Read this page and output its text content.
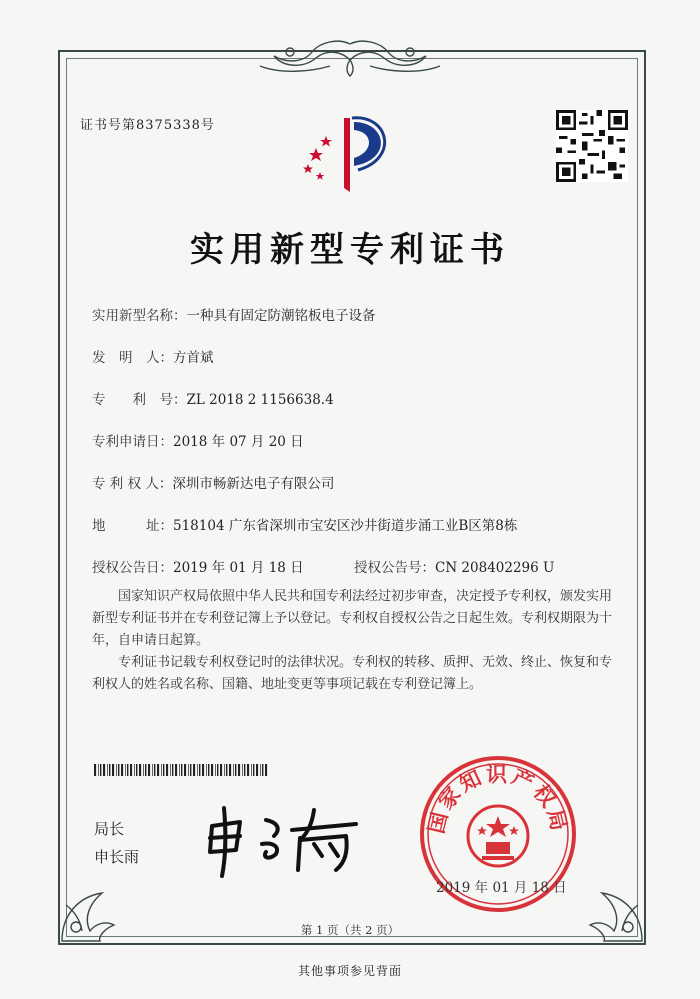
证书号第8375338号
实用新型专利证书
实用新型名称：一种具有固定防潮铭板电子设备
发　明　人：方首斌
专　　利　号：ZL 2018 2 1156638.4
专利申请日：2018 年 07 月 20 日
专 利 权 人：深圳市畅新达电子有限公司
地　　　址：518104 广东省深圳市宝安区沙井街道步涌工业B区第8栋
授权公告日：2019 年 01 月 18 日	授权公告号：CN 208402296 U
国家知识产权局依照中华人民共和国专利法经过初步审查，决定授予专利权，颁发实用新型专利证书并在专利登记簿上予以登记。专利权自授权公告之日起生效。专利权期限为十年，自申请日起算。
专利证书记载专利权登记时的法律状况。专利权的转移、质押、无效、终止、恢复和专利权人的姓名或名称、国籍、地址变更等事项记载在专利登记簿上。
局长
申长雨
国家知识产权局
2019 年 01 月 18 日
第 1 页（共 2 页）
其他事项参见背面
